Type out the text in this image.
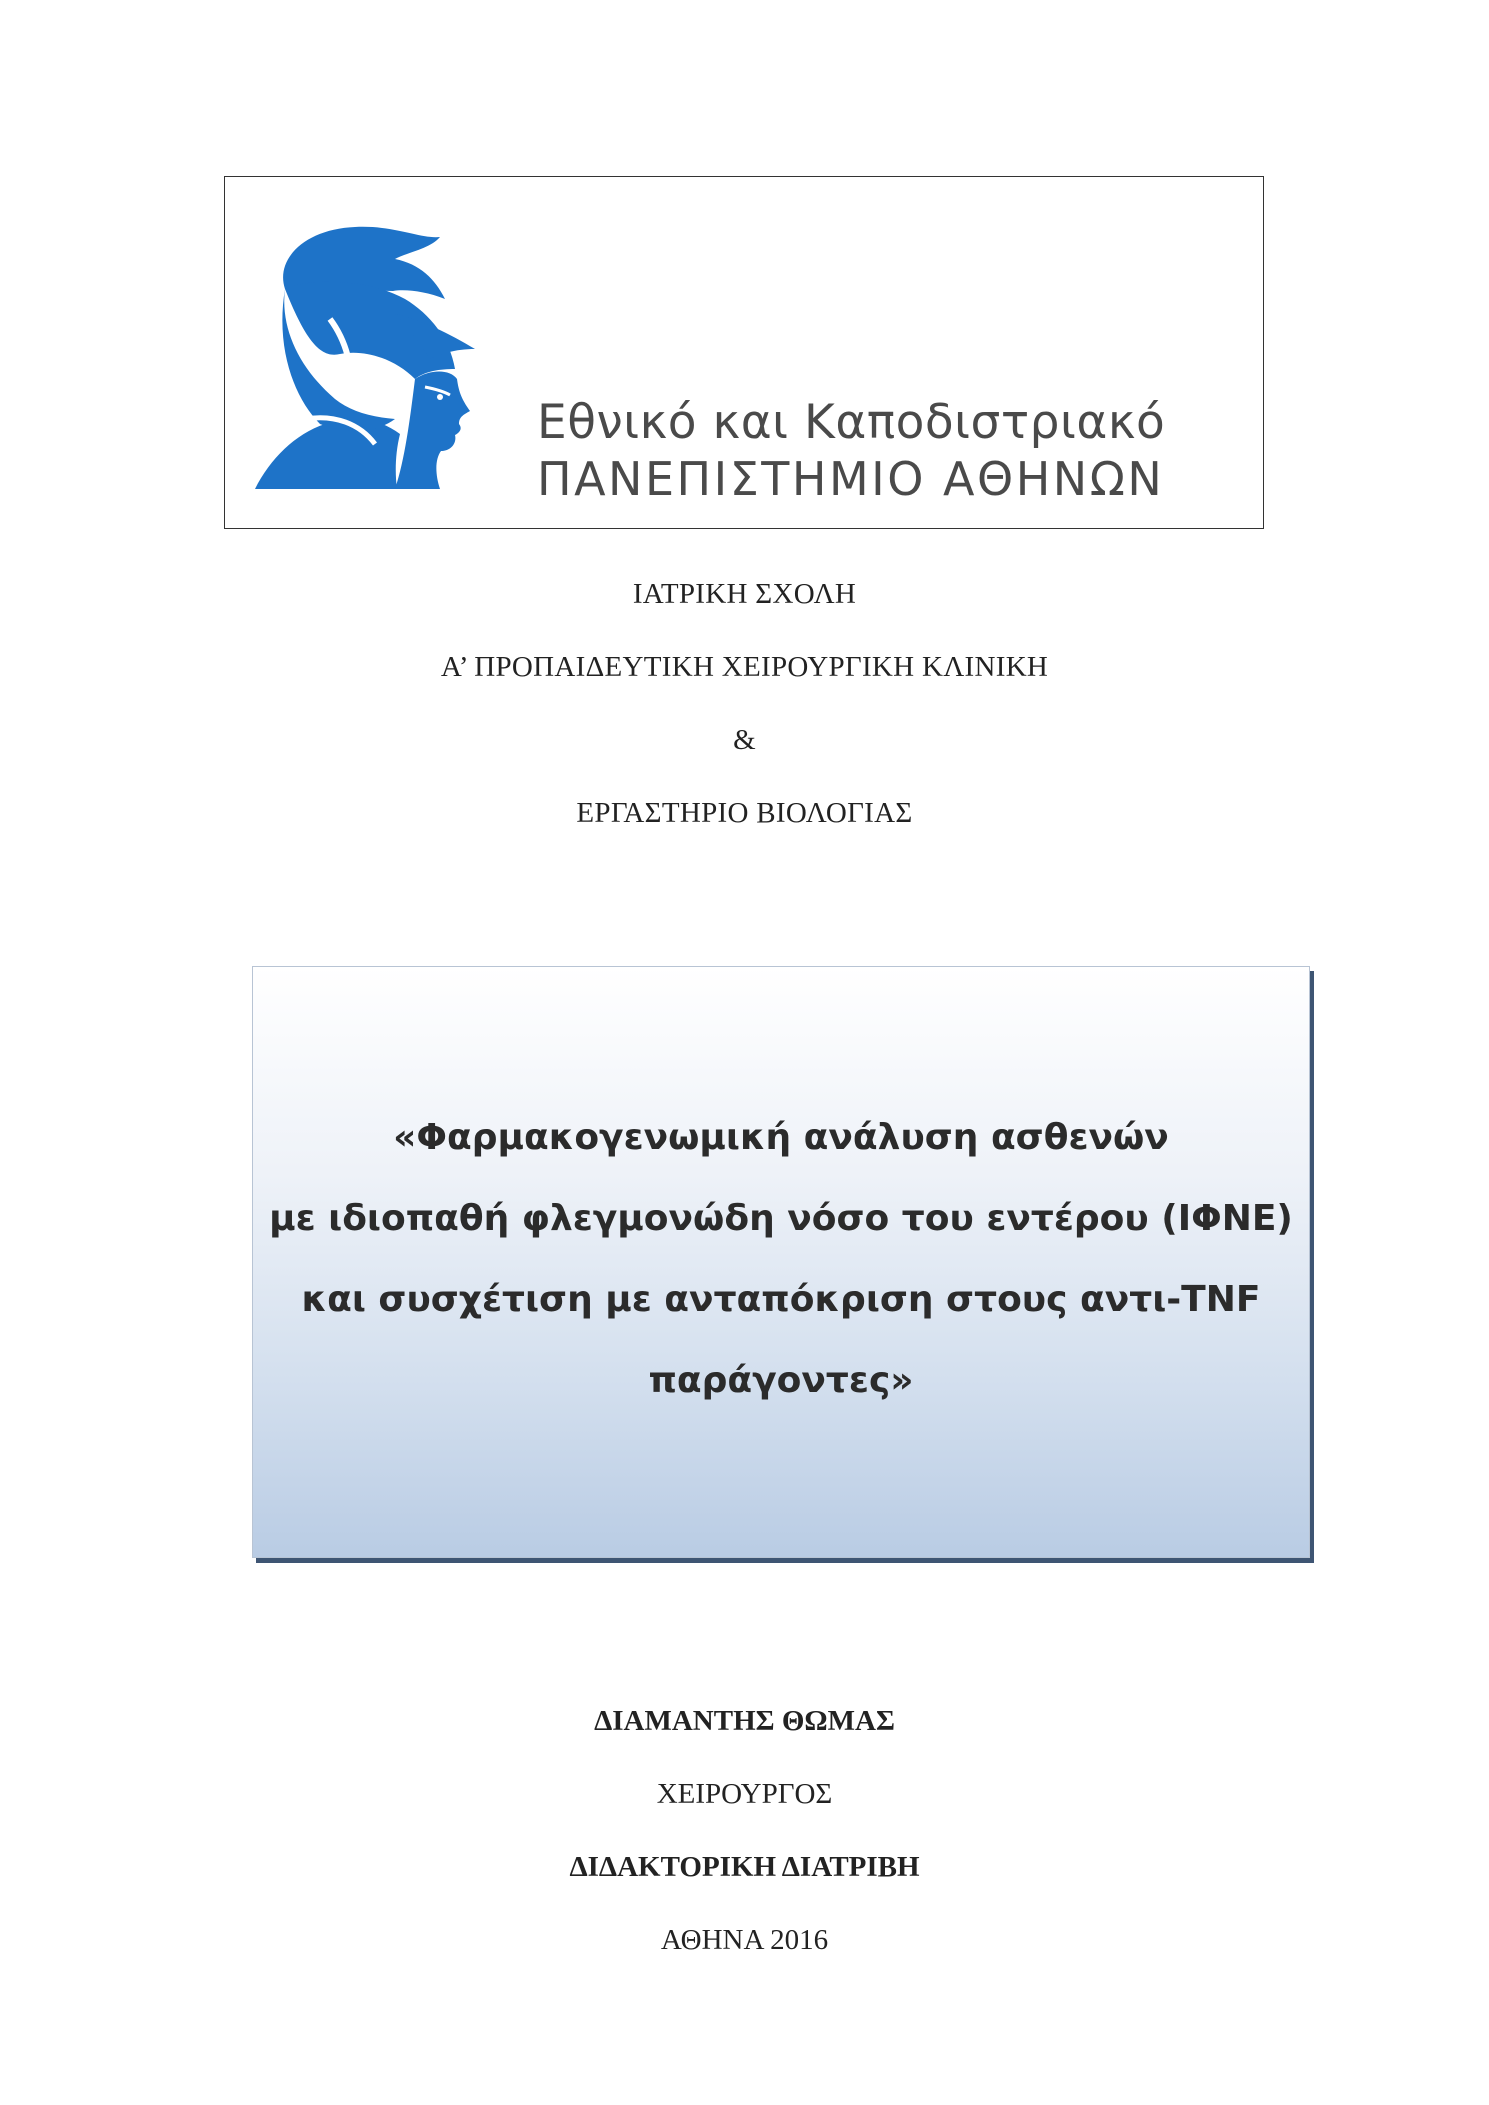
Εθνικό και Καποδιστριακό
ΠΑΝΕΠΙΣΤΗΜΙΟ ΑΘΗΝΩΝ
ΙΑΤΡΙΚΗ ΣΧΟΛΗ
Α’ ΠΡΟΠΑΙΔΕΥΤΙΚΗ ΧΕΙΡΟΥΡΓΙΚΗ ΚΛΙΝΙΚΗ
&
ΕΡΓΑΣΤΗΡΙΟ ΒΙΟΛΟΓΙΑΣ
«Φαρμακογενωμική ανάλυση ασθενών
με ιδιοπαθή φλεγμονώδη νόσο του εντέρου (ΙΦΝΕ)
και συσχέτιση με ανταπόκριση στους αντι-TNF
παράγοντες»
ΔΙΑΜΑΝΤΗΣ ΘΩΜΑΣ
ΧΕΙΡΟΥΡΓΟΣ
ΔΙΔΑΚΤΟΡΙΚΗ ΔΙΑΤΡΙΒΗ
ΑΘΗΝΑ 2016
